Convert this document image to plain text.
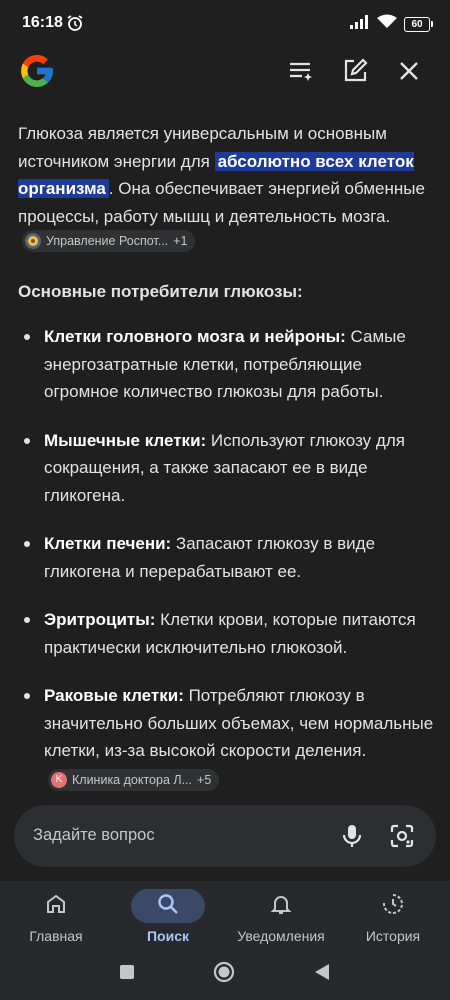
16:18	60
Глюкоза является универсальным и основным источником энергии для абсолютно всех клеток организма . Она обеспечивает энергией обменные процессы, работу мышц и деятельность мозга.
Управление Роспот... +1
Основные потребители глюкозы:
Клетки головного мозга и нейроны: Самые энергозатратные клетки, потребляющие огромное количество глюкозы для работы.
Мышечные клетки: Используют глюкозу для сокращения, а также запасают ее в виде гликогена.
Клетки печени: Запасают глюкозу в виде гликогена и перерабатывают ее.
Эритроциты: Клетки крови, которые питаются практически исключительно глюкозой.
Раковые клетки: Потребляют глюкозу в значительно больших объемах, чем нормальные клетки, из-за высокой скорости деления.
K Клиника доктора Л... +5
Задайте вопрос
Главная	Поиск	Уведомления	История
